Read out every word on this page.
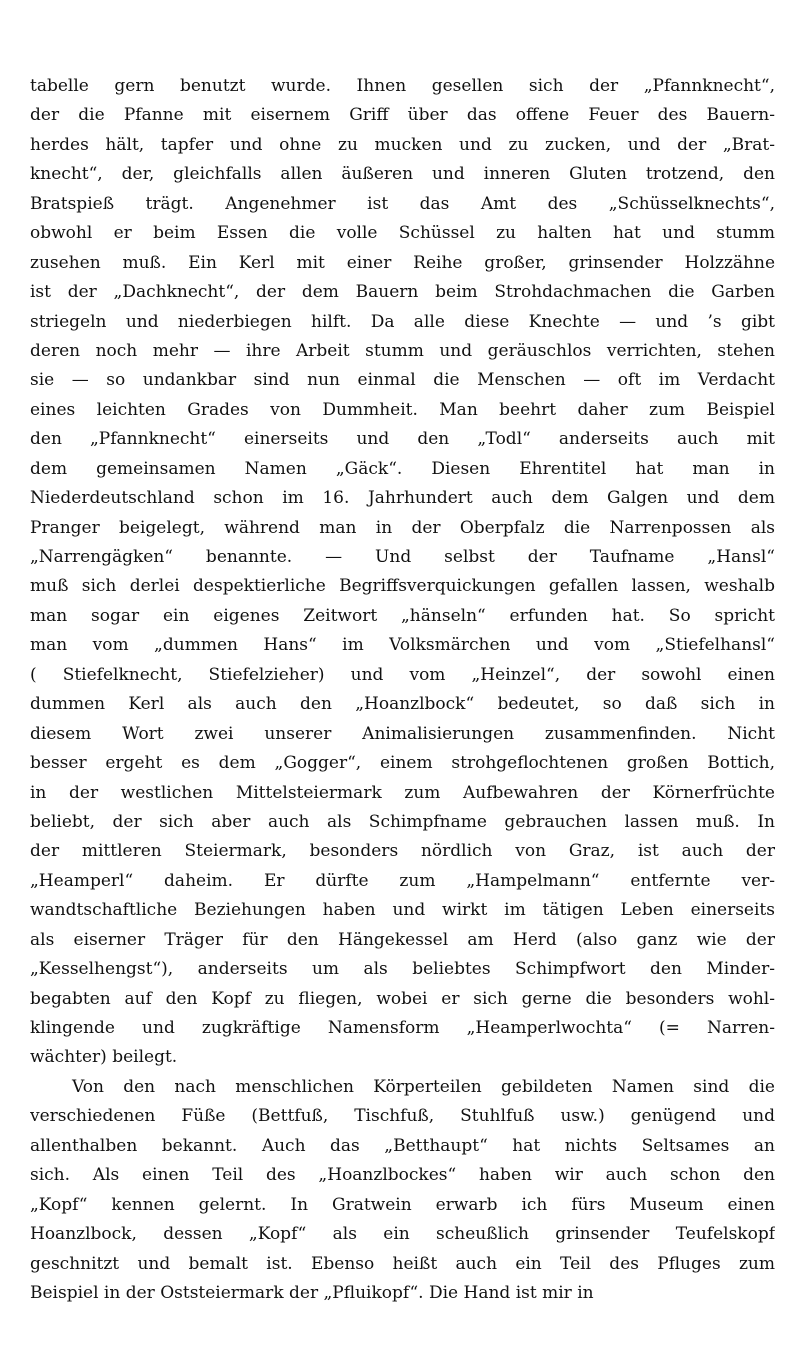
tabelle gern benutzt wurde. Ihnen gesellen sich der „Pfannknecht“,
der die Pfanne mit eisernem Griff über das offene Feuer des Bauern-
herdes hält, tapfer und ohne zu mucken und zu zucken, und der „Brat-
knecht“, der, gleichfalls allen äußeren und inneren Gluten trotzend, den
Bratspieß trägt. Angenehmer ist das Amt des „Schüsselknechts“,
obwohl er beim Essen die volle Schüssel zu halten hat und stumm
zusehen muß. Ein Kerl mit einer Reihe großer, grinsender Holzzähne
ist der „Dachknecht“, der dem Bauern beim Strohdachmachen die Garben
striegeln und niederbiegen hilft. Da alle diese Knechte — und ’s gibt
deren noch mehr — ihre Arbeit stumm und geräuschlos verrichten, stehen
sie — so undankbar sind nun einmal die Menschen — oft im Verdacht
eines leichten Grades von Dummheit. Man beehrt daher zum Beispiel
den „Pfannknecht“ einerseits und den „Todl“ anderseits auch mit
dem gemeinsamen Namen „Gäck“. Diesen Ehrentitel hat man in
Niederdeutschland schon im 16. Jahrhundert auch dem Galgen und dem
Pranger beigelegt, während man in der Oberpfalz die Narrenpossen als
„Narrengägken“ benannte. — Und selbst der Taufname „Hansl“
muß sich derlei despektierliche Begriffsverquickungen gefallen lassen, weshalb
man sogar ein eigenes Zeitwort „hänseln“ erfunden hat. So spricht
man vom „dummen Hans“ im Volksmärchen und vom „Stiefelhansl“
( Stiefelknecht, Stiefelzieher) und vom „Heinzel“, der sowohl einen
dummen Kerl als auch den „Hoanzlbock“ bedeutet, so daß sich in
diesem Wort zwei unserer Animalisierungen zusammenfinden. Nicht
besser ergeht es dem „Gogger“, einem strohgeflochtenen großen Bottich,
in der westlichen Mittelsteiermark zum Aufbewahren der Körnerfrüchte
beliebt, der sich aber auch als Schimpfname gebrauchen lassen muß. In
der mittleren Steiermark, besonders nördlich von Graz, ist auch der
„Heamperl“ daheim. Er dürfte zum „Hampelmann“ entfernte ver-
wandtschaftliche Beziehungen haben und wirkt im tätigen Leben einerseits
als eiserner Träger für den Hängekessel am Herd (also ganz wie der
„Kesselhengst“), anderseits um als beliebtes Schimpfwort den Minder-
begabten auf den Kopf zu fliegen, wobei er sich gerne die besonders wohl-
klingende und zugkräftige Namensform „Heamperlwochta“ (= Narren-
wächter) beilegt.
Von den nach menschlichen Körperteilen gebildeten Namen sind die
verschiedenen Füße (Bettfuß, Tischfuß, Stuhlfuß usw.) genügend und
allenthalben bekannt. Auch das „Betthaupt“ hat nichts Seltsames an
sich. Als einen Teil des „Hoanzlbockes“ haben wir auch schon den
„Kopf“ kennen gelernt. In Gratwein erwarb ich fürs Museum einen
Hoanzlbock, dessen „Kopf“ als ein scheußlich grinsender Teufelskopf
geschnitzt und bemalt ist. Ebenso heißt auch ein Teil des Pfluges zum
Beispiel in der Oststeiermark der „Pfluikopf“. Die Hand ist mir in
